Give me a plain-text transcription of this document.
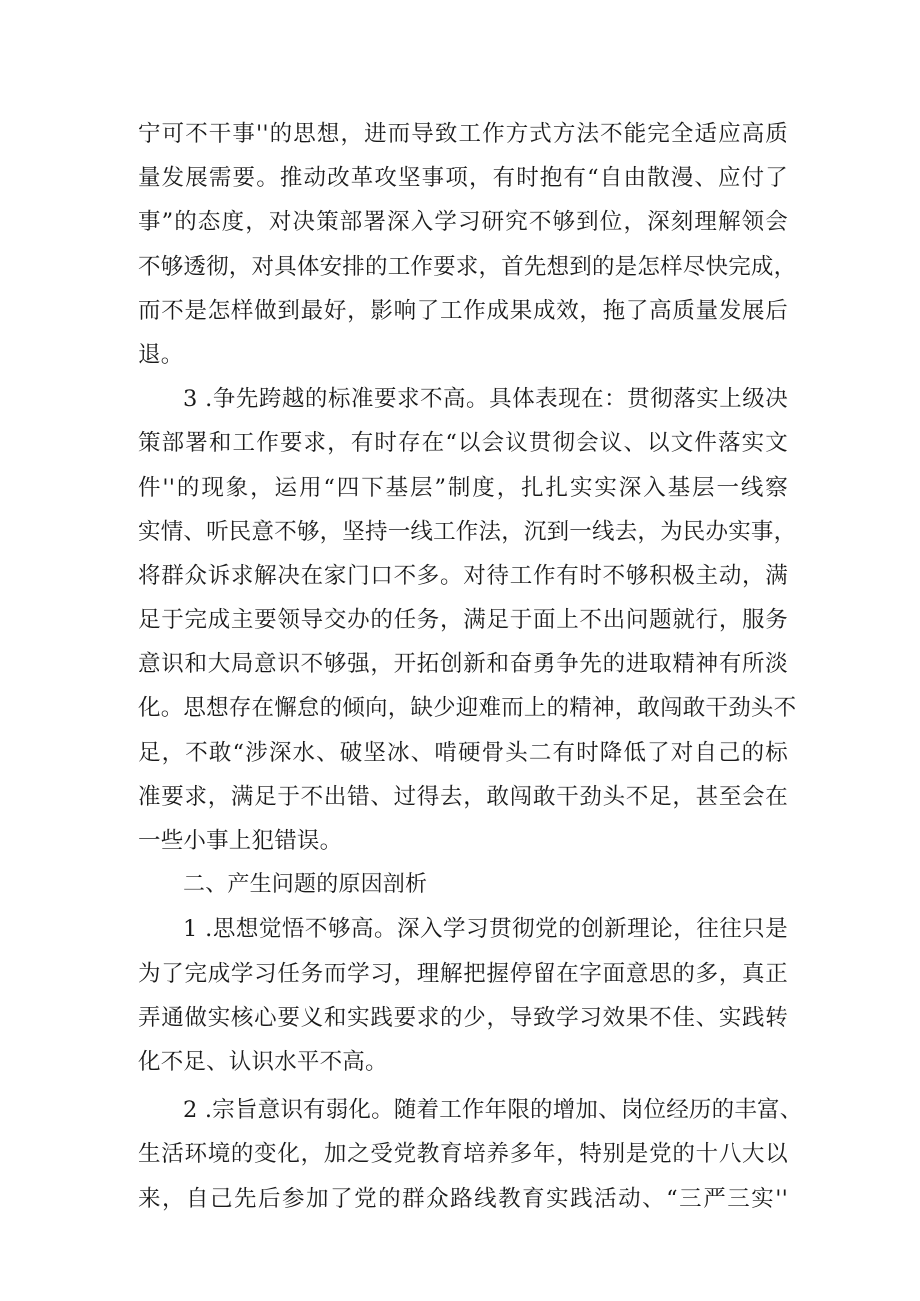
宁可不干事''的思想，进而导致工作方式方法不能完全适应高质
量发展需要。推动改革攻坚事项，有时抱有“自由散漫、应付了
事”的态度，对决策部署深入学习研究不够到位，深刻理解领会
不够透彻，对具体安排的工作要求，首先想到的是怎样尽快完成，
而不是怎样做到最好，影响了工作成果成效，拖了高质量发展后
退。
3 .争先跨越的标准要求不高。具体表现在：贯彻落实上级决
策部署和工作要求，有时存在“以会议贯彻会议、以文件落实文
件''的现象，运用“四下基层”制度，扎扎实实深入基层一线察
实情、听民意不够，坚持一线工作法，沉到一线去，为民办实事，
将群众诉求解决在家门口不多。对待工作有时不够积极主动，满
足于完成主要领导交办的任务，满足于面上不出问题就行，服务
意识和大局意识不够强，开拓创新和奋勇争先的进取精神有所淡
化。思想存在懈怠的倾向，缺少迎难而上的精神，敢闯敢干劲头不
足，不敢“涉深水、破坚冰、啃硬骨头二有时降低了对自己的标
准要求，满足于不出错、过得去，敢闯敢干劲头不足，甚至会在
一些小事上犯错误。
二、产生问题的原因剖析
1 .思想觉悟不够高。深入学习贯彻党的创新理论，往往只是
为了完成学习任务而学习，理解把握停留在字面意思的多，真正
弄通做实核心要义和实践要求的少，导致学习效果不佳、实践转
化不足、认识水平不高。
2 .宗旨意识有弱化。随着工作年限的增加、岗位经历的丰富、
生活环境的变化，加之受党教育培养多年，特别是党的十八大以
来，自己先后参加了党的群众路线教育实践活动、“三严三实''
